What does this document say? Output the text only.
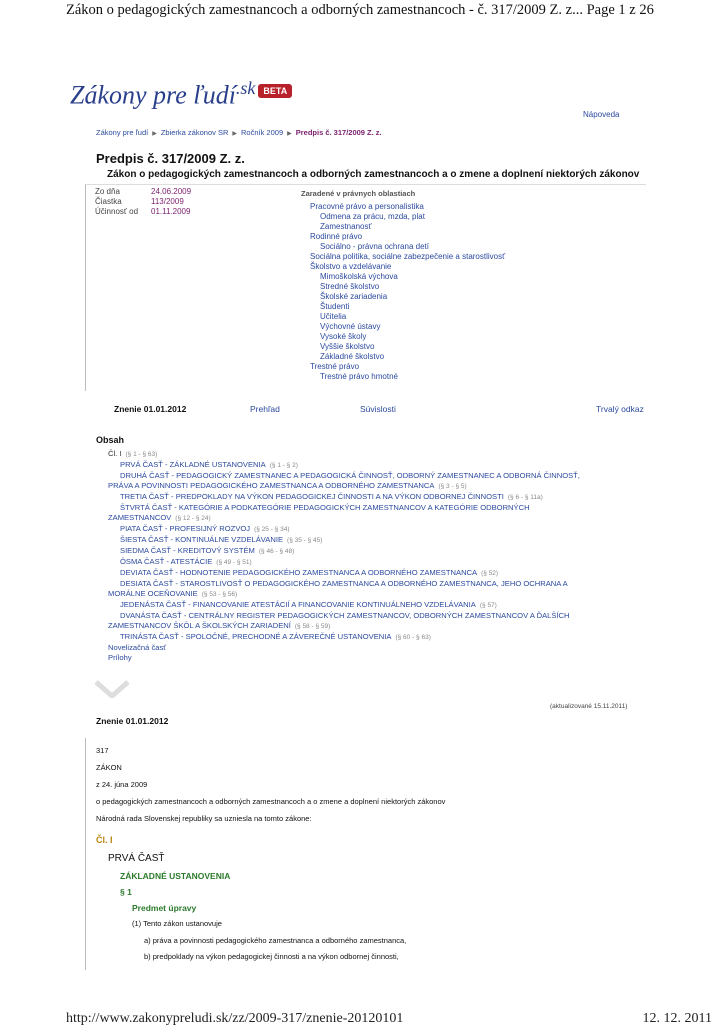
Zákon o pedagogických zamestnancoch a odborných zamestnancoch - č. 317/2009 Z. z... Page 1 z 26
Zákony pre ľudí$^{.sk}$ BETA
Nápoveda
Zákony pre ľudí ▶ Zbierka zákonov SR ▶ Ročník 2009 ▶ Predpis č. 317/2009 Z. z.
Predpis č. 317/2009 Z. z.
Zákon o pedagogických zamestnancoch a odborných zamestnancoch a o zmene a doplnení niektorých zákonov
Zo dňa	24.06.2009
Čiastka	113/2009
Účinnosť od 01.11.2009
Zaradené v právnych oblastiach
Pracovné právo a personalistika
Odmena za prácu, mzda, plat
Zamestnanosť
Rodinné právo
Sociálno - právna ochrana detí
Sociálna politika, sociálne zabezpečenie a starostlivosť
Školstvo a vzdelávanie
Mimoškolská výchova
Stredné školstvo
Školské zariadenia
Študenti
Učitelia
Výchovné ústavy
Vysoké školy
Vyššie školstvo
Základné školstvo
Trestné právo
Trestné právo hmotné
Znenie 01.01.2012	Prehľad	Súvislosti	Trvalý odkaz
Obsah
Čl. I (§ 1 - § 63)
PRVÁ ČASŤ - ZÁKLADNÉ USTANOVENIA (§ 1 - § 2)
DRUHÁ ČASŤ - PEDAGOGICKÝ ZAMESTNANEC A PEDAGOGICKÁ ČINNOSŤ, ODBORNÝ ZAMESTNANEC A ODBORNÁ ČINNOSŤ,
PRÁVA A POVINNOSTI PEDAGOGICKÉHO ZAMESTNANCA A ODBORNÉHO ZAMESTNANCA (§ 3 - § 5)
TRETIA ČASŤ - PREDPOKLADY NA VÝKON PEDAGOGICKEJ ČINNOSTI A NA VÝKON ODBORNEJ ČINNOSTI (§ 6 - § 11a)
ŠTVRTÁ ČASŤ - KATEGÓRIE A PODKATEGÓRIE PEDAGOGICKÝCH ZAMESTNANCOV A KATEGÓRIE ODBORNÝCH
ZAMESTNANCOV (§ 12 - § 24)
PIATA ČASŤ - PROFESIJNÝ ROZVOJ (§ 25 - § 34)
ŠIESTA ČASŤ - KONTINUÁLNE VZDELÁVANIE (§ 35 - § 45)
SIEDMA ČASŤ - KREDITOVÝ SYSTÉM (§ 46 - § 48)
ÔSMA ČASŤ - ATESTÁCIE (§ 49 - § 51)
DEVIATA ČASŤ - HODNOTENIE PEDAGOGICKÉHO ZAMESTNANCA A ODBORNÉHO ZAMESTNANCA (§ 52)
DESIATA ČASŤ - STAROSTLIVOSŤ O PEDAGOGICKÉHO ZAMESTNANCA A ODBORNÉHO ZAMESTNANCA, JEHO OCHRANA A
MORÁLNE OCEŇOVANIE (§ 53 - § 56)
JEDENÁSTA ČASŤ - FINANCOVANIE ATESTÁCIÍ A FINANCOVANIE KONTINUÁLNEHO VZDELÁVANIA (§ 57)
DVANÁSTA ČASŤ - CENTRÁLNY REGISTER PEDAGOGICKÝCH ZAMESTNANCOV, ODBORNÝCH ZAMESTNANCOV A ĎALŠÍCH
ZAMESTNANCOV ŠKÔL A ŠKOLSKÝCH ZARIADENÍ (§ 58 - § 59)
TRINÁSTA ČASŤ - SPOLOČNÉ, PRECHODNÉ A ZÁVEREČNÉ USTANOVENIA (§ 60 - § 63)
Novelizačná časť
Prílohy
(aktualizované 15.11.2011)
Znenie 01.01.2012
317
ZÁKON
z 24. júna 2009
o pedagogických zamestnancoch a odborných zamestnancoch a o zmene a doplnení niektorých zákonov
Národná rada Slovenskej republiky sa uzniesla na tomto zákone:
Čl. I
PRVÁ ČASŤ
ZÁKLADNÉ USTANOVENIA
§ 1
Predmet úpravy
(1) Tento zákon ustanovuje
a) práva a povinnosti pedagogického zamestnanca a odborného zamestnanca,
b) predpoklady na výkon pedagogickej činnosti a na výkon odbornej činnosti,
http://www.zakonypreludi.sk/zz/2009-317/znenie-20120101	12. 12. 2011
